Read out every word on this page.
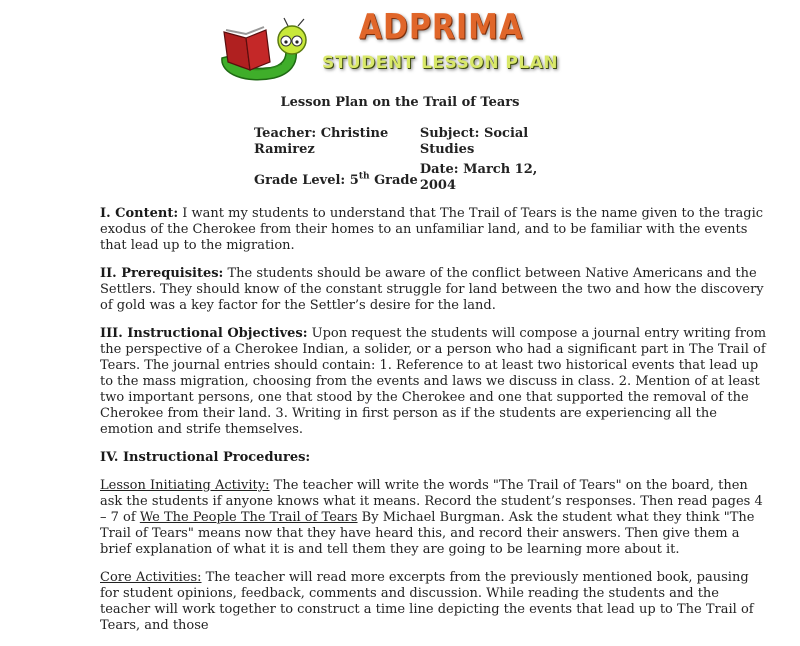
ADPRIMA
STUDENT LESSON PLAN
Lesson Plan on the Trail of Tears
Teacher: Christine Ramirez	Subject: Social Studies
Grade Level: 5th Grade	Date: March 12, 2004

I. Content: I want my students to understand that The Trail of Tears is the name given to the tragic exodus of the Cherokee from their homes to an unfamiliar land, and to be familiar with the events that lead up to the migration.

II. Prerequisites: The students should be aware of the conflict between Native Americans and the Settlers. They should know of the constant struggle for land between the two and how the discovery of gold was a key factor for the Settler’s desire for the land.

III. Instructional Objectives: Upon request the students will compose a journal entry writing from the perspective of a Cherokee Indian, a solider, or a person who had a significant part in The Trail of Tears. The journal entries should contain: 1. Reference to at least two historical events that lead up to the mass migration, choosing from the events and laws we discuss in class. 2. Mention of at least two important persons, one that stood by the Cherokee and one that supported the removal of the Cherokee from their land. 3. Writing in first person as if the students are experiencing all the emotion and strife themselves.

IV. Instructional Procedures:

Lesson Initiating Activity: The teacher will write the words "The Trail of Tears" on the board, then ask the students if anyone knows what it means. Record the student’s responses. Then read pages 4 – 7 of We The People The Trail of Tears By Michael Burgman. Ask the student what they think "The Trail of Tears" means now that they have heard this, and record their answers. Then give them a brief explanation of what it is and tell them they are going to be learning more about it.

Core Activities: The teacher will read more excerpts from the previously mentioned book, pausing for student opinions, feedback, comments and discussion. While reading the students and the teacher will work together to construct a time line depicting the events that lead up to The Trail of Tears, and those
